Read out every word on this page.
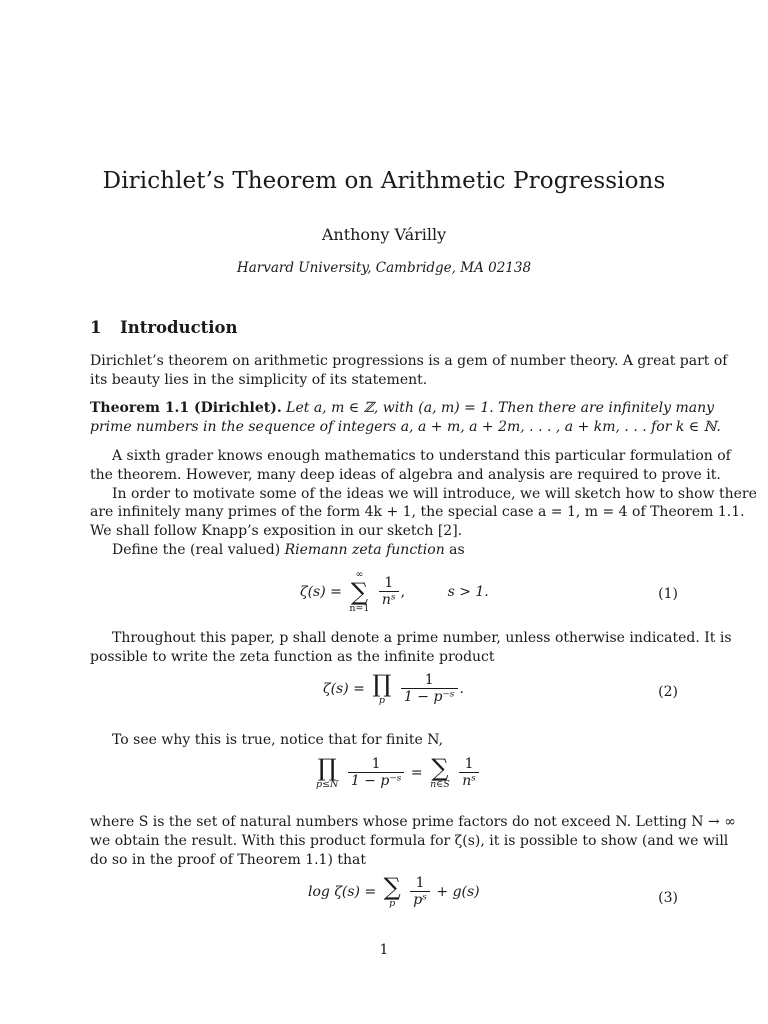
Dirichlet’s Theorem on Arithmetic Progressions
Anthony Várilly
Harvard University, Cambridge, MA 02138
1 Introduction
Dirichlet’s theorem on arithmetic progressions is a gem of number theory. A great part of
its beauty lies in the simplicity of its statement.
Theorem 1.1 (Dirichlet). Let a, m ∈ ℤ, with (a, m) = 1. Then there are infinitely many
prime numbers in the sequence of integers a, a + m, a + 2m, . . . , a + km, . . . for k ∈ ℕ.
A sixth grader knows enough mathematics to understand this particular formulation of
the theorem. However, many deep ideas of algebra and analysis are required to prove it.
In order to motivate some of the ideas we will introduce, we will sketch how to show there
are infinitely many primes of the form 4k + 1, the special case a = 1, m = 4 of Theorem 1.1.
We shall follow Knapp’s exposition in our sketch [2].
Define the (real valued) Riemann zeta function as
ζ(s) =
∞
∑
n=1

$\frac{1}{\text{nˢ}}$ ,	s > 1.	(1)
Throughout this paper, p shall denote a prime number, unless otherwise indicated. It is
possible to write the zeta function as the infinite product
ζ(s) = ∏
p
	$\frac{1}{\text{1 − p⁻ˢ}}$ .	(2)
To see why this is true, notice that for finite N,
∏
p≤N
$\frac{1}{\text{1 − p⁻ˢ}}$ = ∑
n∈S
$\frac{1}{\text{nˢ}}$
where S is the set of natural numbers whose prime factors do not exceed N. Letting N → ∞
we obtain the result. With this product formula for ζ(s), it is possible to show (and we will
do so in the proof of Theorem 1.1) that
log ζ(s) = ∑
p
	$\frac{1}{\text{pˢ}} + g(s)$	(3)
1
